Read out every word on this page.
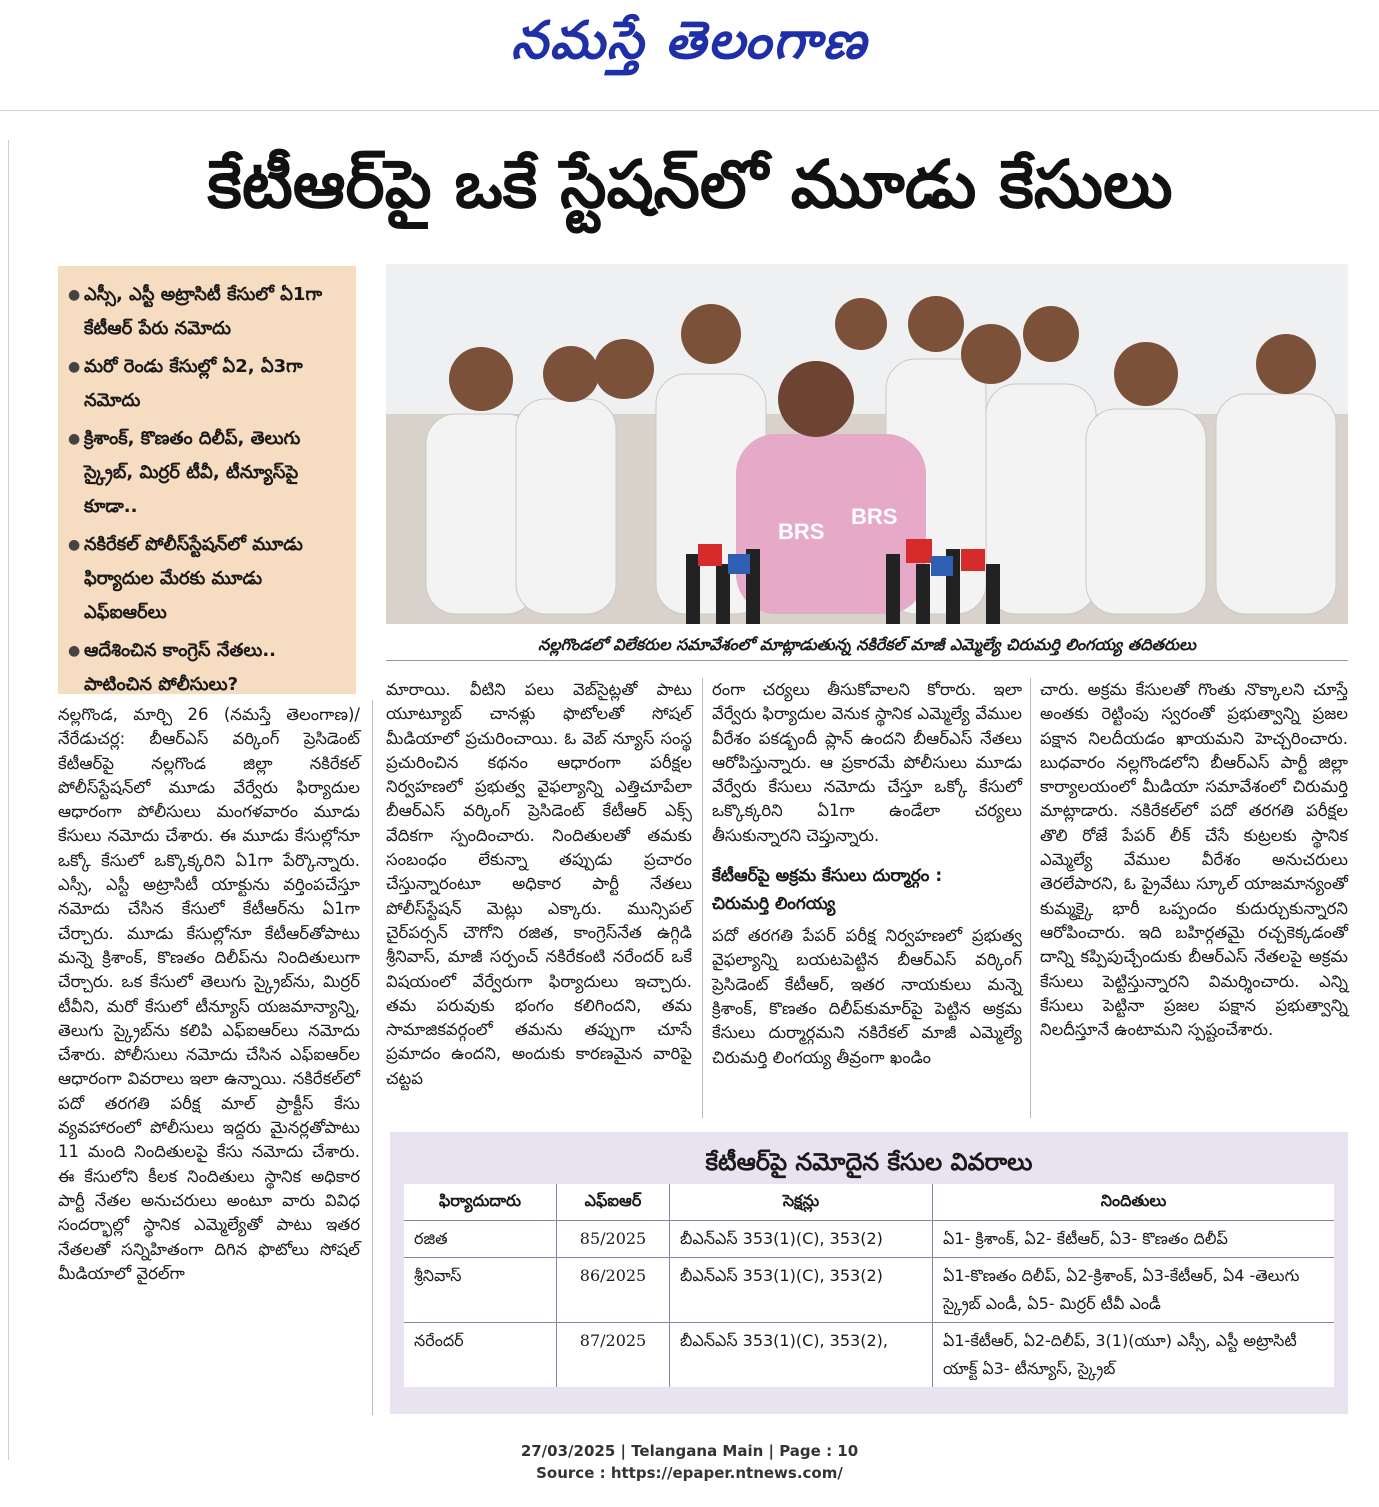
నమస్తే తెలంగాణ
కేటీఆర్‌పై ఒకే స్టేషన్‌లో మూడు కేసులు
● ఎస్సీ, ఎస్టీ అట్రాసిటీ కేసులో ఏ1గా కేటీఆర్ పేరు నమోదు
● మరో రెండు కేసుల్లో ఏ2, ఏ3గా నమోదు
● క్రిశాంక్, కొణతం దిలీప్, తెలుగు స్క్రైబ్, మిర్రర్ టీవీ, టీన్యూస్‌పై కూడా..
● నకిరేకల్ పోలీస్‌స్టేషన్‌లో మూడు ఫిర్యాదుల మేరకు మూడు ఎఫ్ఐఆర్‌లు
● ఆదేశించిన కాంగ్రెస్ నేతలు.. పాటించిన పోలీసులు?
BRS
BRS
నల్లగొండలో విలేకరుల సమావేశంలో మాట్లాడుతున్న నకిరేకల్ మాజీ ఎమ్మెల్యే చిరుమర్తి లింగయ్య తదితరులు

నల్లగొండ, మార్చి 26 (నమస్తే తెలంగాణ)/నేరేడుచర్ల: బీఆర్ఎస్ వర్కింగ్ ప్రెసిడెంట్ కేటీఆర్‌పై నల్లగొండ జిల్లా నకిరేకల్ పోలీస్‌స్టేషన్‌లో మూడు వేర్వేరు ఫిర్యాదుల ఆధారంగా పోలీసులు మంగళవారం మూడు కేసులు నమోదు చేశారు. ఈ మూడు కేసుల్లోనూ ఒక్కో కేసులో ఒక్కొక్కరిని ఏ1గా పేర్కొన్నారు. ఎస్సీ, ఎస్టీ అట్రాసిటీ యాక్టును వర్తింపచేస్తూ నమోదు చేసిన కేసులో కేటీఆర్‌ను ఏ1గా చేర్చారు. మూడు కేసుల్లోనూ కేటీఆర్‌తోపాటు మన్నె క్రిశాంక్, కొణతం దిలీప్‌ను నిందితులుగా చేర్చారు. ఒక కేసులో తెలుగు స్క్రైబ్‌ను, మిర్రర్ టీవీని, మరో కేసులో టీన్యూస్ యజమాన్యాన్ని, తెలుగు స్క్రైబ్‌ను కలిపి ఎఫ్ఐఆర్‌లు నమోదు చేశారు. పోలీసులు నమోదు చేసిన ఎఫ్ఐఆర్‌ల ఆధారంగా వివరాలు ఇలా ఉన్నాయి. నకిరేకల్‌లో పదో తరగతి పరీక్ష మాల్ ప్రాక్టీస్ కేసు వ్యవహారంలో పోలీసులు ఇద్దరు మైనర్లతోపాటు 11 మంది నిందితులపై కేసు నమోదు చేశారు. ఈ కేసులోని కీలక నిందితులు స్థానిక అధికార పార్టీ నేతల అనుచరులు అంటూ వారు వివిధ సందర్భాల్లో స్థానిక ఎమ్మెల్యేతో పాటు ఇతర నేతలతో సన్నిహితంగా దిగిన ఫొటోలు సోషల్ మీడియాలో వైరల్‌గా

మారాయి. వీటిని పలు వెబ్‌సైట్లతో పాటు యూట్యూబ్ చానళ్లు ఫొటోలతో సోషల్ మీడియాలో ప్రచురించాయి. ఓ వెబ్ న్యూస్ సంస్థ ప్రచురించిన కథనం ఆధారంగా పరీక్షల నిర్వహణలో ప్రభుత్వ వైఫల్యాన్ని ఎత్తిచూపేలా బీఆర్ఎస్ వర్కింగ్ ప్రెసిడెంట్ కేటీఆర్ ఎక్స్ వేదికగా స్పందించారు. నిందితులతో తమకు సంబంధం లేకున్నా తప్పుడు ప్రచారం చేస్తున్నారంటూ అధికార పార్టీ నేతలు పోలీస్‌స్టేషన్ మెట్లు ఎక్కారు. మున్సిపల్ చైర్‌పర్సన్ చౌగోని రజిత, కాంగ్రెస్‌నేత ఉగ్గిడి శ్రీనివాస్, మాజీ సర్పంచ్ నకిరేకంటి నరేందర్ ఒకే విషయంలో వేర్వేరుగా ఫిర్యాదులు ఇచ్చారు. తమ పరువుకు భంగం కలిగిందని, తమ సామాజికవర్గంలో తమను తప్పుగా చూసే ప్రమాదం ఉందని, అందుకు కారణమైన వారిపై చట్టప

రంగా చర్యలు తీసుకోవాలని కోరారు. ఇలా వేర్వేరు ఫిర్యాదుల వెనుక స్థానిక ఎమ్మెల్యే వేముల వీరేశం పకడ్బందీ ప్లాన్ ఉందని బీఆర్ఎస్ నేతలు ఆరోపిస్తున్నారు. ఆ ప్రకారమే పోలీసులు మూడు వేర్వేరు కేసులు నమోదు చేస్తూ ఒక్కో కేసులో ఒక్కొక్కరిని ఏ1గా ఉండేలా చర్యలు తీసుకున్నారని చెప్తున్నారు.

కేటీఆర్‌పై అక్రమ కేసులు దుర్మార్గం :
చిరుమర్తి లింగయ్య

పదో తరగతి పేపర్ పరీక్ష నిర్వహణలో ప్రభుత్వ వైఫల్యాన్ని బయటపెట్టిన బీఆర్ఎస్ వర్కింగ్ ప్రెసిడెంట్ కేటీఆర్, ఇతర నాయకులు మన్నె క్రిశాంక్, కొణతం దిలీప్‌కుమార్‌పై పెట్టిన అక్రమ కేసులు దుర్మార్గమని నకిరేకల్ మాజీ ఎమ్మెల్యే చిరుమర్తి లింగయ్య తీవ్రంగా ఖండిం

చారు. అక్రమ కేసులతో గొంతు నొక్కాలని చూస్తే అంతకు రెట్టింపు స్వరంతో ప్రభుత్వాన్ని ప్రజల పక్షాన నిలదీయడం ఖాయమని హెచ్చరించారు. బుధవారం నల్లగొండలోని బీఆర్ఎస్ పార్టీ జిల్లా కార్యాలయంలో మీడియా సమావేశంలో చిరుమర్తి మాట్లాడారు. నకిరేకల్‌లో పదో తరగతి పరీక్షల తొలి రోజే పేపర్ లీక్ చేసే కుట్రలకు స్థానిక ఎమ్మెల్యే వేముల వీరేశం అనుచరులు తెరలేపారని, ఓ ప్రైవేటు స్కూల్ యాజమాన్యంతో కుమ్మక్కై భారీ ఒప్పందం కుదుర్చుకున్నారని ఆరోపించారు. ఇది బహిర్గతమై రచ్చకెక్కడంతో దాన్ని కప్పిపుచ్చేందుకు బీఆర్ఎస్ నేతలపై అక్రమ కేసులు పెట్టిస్తున్నారని విమర్శించారు. ఎన్ని కేసులు పెట్టినా ప్రజల పక్షాన ప్రభుత్వాన్ని నిలదీస్తూనే ఉంటామని స్పష్టంచేశారు.

కేటీఆర్‌పై నమోదైన కేసుల వివరాలు
ఫిర్యాదుదారు	ఎఫ్ఐఆర్	సెక్షన్లు	నిందితులు
రజిత	85/2025	బీఎన్ఎస్ 353(1)(C), 353(2)	ఏ1- క్రిశాంక్, ఏ2- కేటీఆర్, ఏ3- కొణతం దిలీప్
శ్రీనివాస్	86/2025	బీఎన్ఎస్ 353(1)(C), 353(2)	ఏ1-కొణతం దిలీప్, ఏ2-క్రిశాంక్, ఏ3-కేటీఆర్, ఏ4 -తెలుగు స్క్రైబ్ ఎండీ, ఏ5- మిర్రర్ టీవీ ఎండీ
నరేందర్	87/2025	బీఎన్ఎస్ 353(1)(C), 353(2),	ఏ1-కేటీఆర్, ఏ2-దిలీప్, 3(1)(యూ) ఎస్సీ, ఎస్టీ అట్రాసిటీ యాక్ట్ ఏ3- టీన్యూస్, స్క్రైబ్
27/03/2025 | Telangana Main | Page : 10
Source : https://epaper.ntnews.com/
